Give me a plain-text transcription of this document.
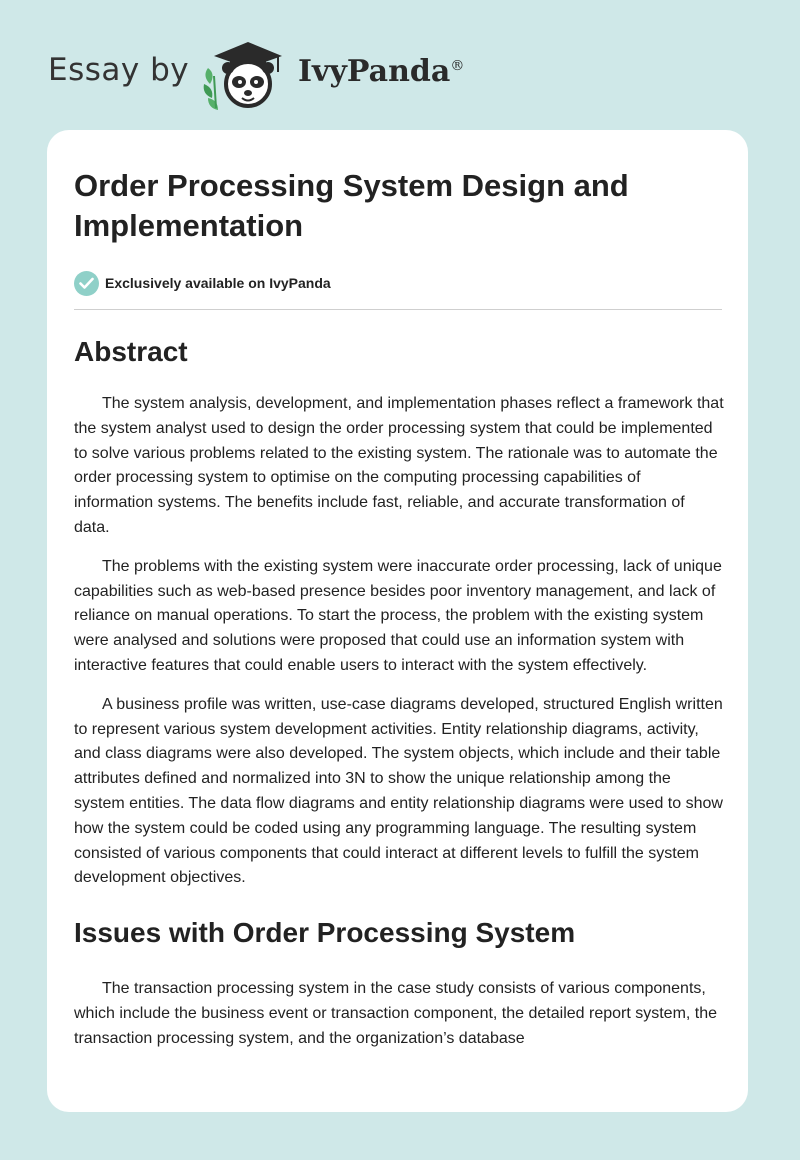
Essay by	IvyPanda®
Order Processing System Design and Implementation
Exclusively available on IvyPanda
Abstract

The system analysis, development, and implementation phases reflect a framework that the system analyst used to design the order processing system that could be implemented to solve various problems related to the existing system. The rationale was to automate the order processing system to optimise on the computing processing capabilities of information systems. The benefits include fast, reliable, and accurate transformation of data.

The problems with the existing system were inaccurate order processing, lack of unique capabilities such as web-based presence besides poor inventory management, and lack of reliance on manual operations. To start the process, the problem with the existing system were analysed and solutions were proposed that could use an information system with interactive features that could enable users to interact with the system effectively.

A business profile was written, use-case diagrams developed, structured English written to represent various system development activities. Entity relationship diagrams, activity, and class diagrams were also developed. The system objects, which include and their table attributes defined and normalized into 3N to show the unique relationship among the system entities. The data flow diagrams and entity relationship diagrams were used to show how the system could be coded using any programming language. The resulting system consisted of various components that could interact at different levels to fulfill the system development objectives.

Issues with Order Processing System

The transaction processing system in the case study consists of various components, which include the business event or transaction component, the detailed report system, the transaction processing system, and the organization’s database
